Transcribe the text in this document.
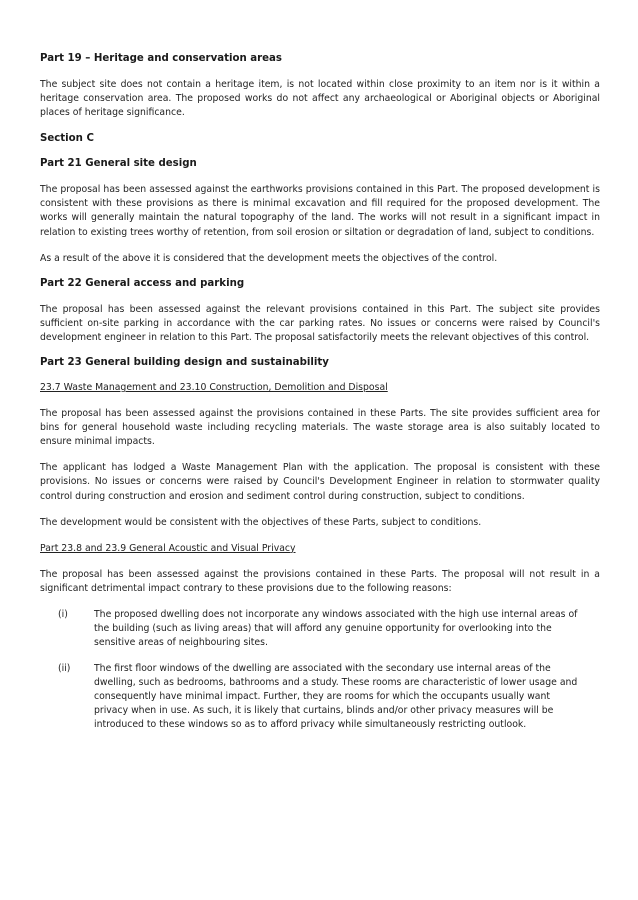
Part 19 – Heritage and conservation areas

The subject site does not contain a heritage item, is not located within close proximity to an item nor is it within a heritage conservation area. The proposed works do not affect any archaeological or Aboriginal objects or Aboriginal places of heritage significance.

Section C
Part 21 General site design

The proposal has been assessed against the earthworks provisions contained in this Part. The proposed development is consistent with these provisions as there is minimal excavation and fill required for the proposed development. The works will generally maintain the natural topography of the land. The works will not result in a significant impact in relation to existing trees worthy of retention, from soil erosion or siltation or degradation of land, subject to conditions.

As a result of the above it is considered that the development meets the objectives of the control.

Part 22 General access and parking

The proposal has been assessed against the relevant provisions contained in this Part. The subject site provides sufficient on-site parking in accordance with the car parking rates. No issues or concerns were raised by Council's development engineer in relation to this Part. The proposal satisfactorily meets the relevant objectives of this control.

Part 23 General building design and sustainability
23.7 Waste Management and 23.10 Construction, Demolition and Disposal

The proposal has been assessed against the provisions contained in these Parts. The site provides sufficient area for bins for general household waste including recycling materials. The waste storage area is also suitably located to ensure minimal impacts.

The applicant has lodged a Waste Management Plan with the application. The proposal is consistent with these provisions. No issues or concerns were raised by Council's Development Engineer in relation to stormwater quality control during construction and erosion and sediment control during construction, subject to conditions.

The development would be consistent with the objectives of these Parts, subject to conditions.

Part 23.8 and 23.9 General Acoustic and Visual Privacy

The proposal has been assessed against the provisions contained in these Parts. The proposal will not result in a significant detrimental impact contrary to these provisions due to the following reasons:

(i)	The proposed dwelling does not incorporate any windows associated with the high use internal areas of the building (such as living areas) that will afford any genuine opportunity for overlooking into the sensitive areas of neighbouring sites.
(ii)	The first floor windows of the dwelling are associated with the secondary use internal areas of the dwelling, such as bedrooms, bathrooms and a study. These rooms are characteristic of lower usage and consequently have minimal impact. Further, they are rooms for which the occupants usually want privacy when in use. As such, it is likely that curtains, blinds and/or other privacy measures will be introduced to these windows so as to afford privacy while simultaneously restricting outlook.
